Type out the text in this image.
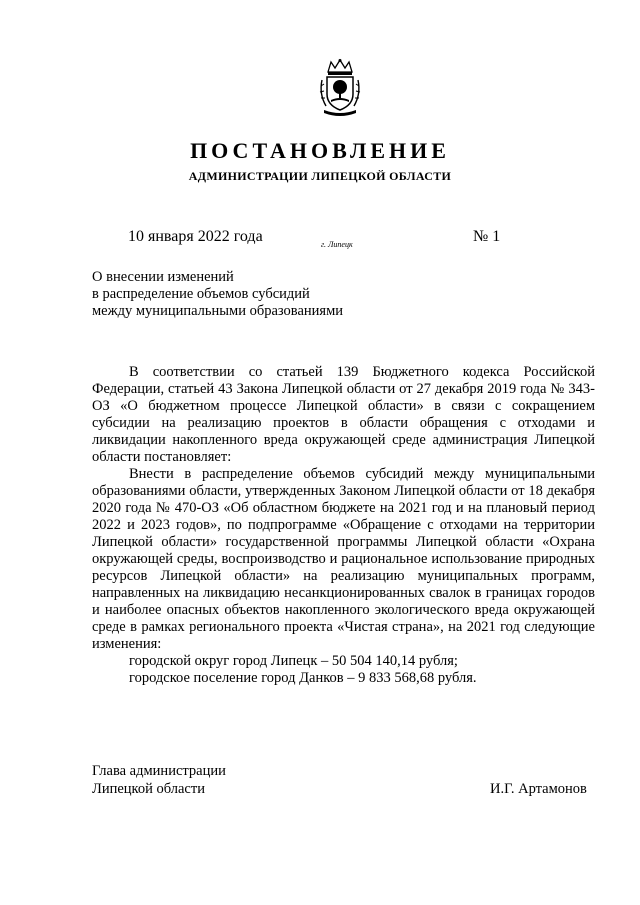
ПОСТАНОВЛЕНИЕ
АДМИНИСТРАЦИИ ЛИПЕЦКОЙ ОБЛАСТИ
10 января 2022 года	г. Липецк	№ 1
О внесении изменений
в распределение объемов субсидий
между муниципальными образованиями

В соответствии со статьей 139 Бюджетного кодекса Российской Федерации, статьей 43 Закона Липецкой области от 27 декабря 2019 года № 343-ОЗ «О бюджетном процессе Липецкой области» в связи с сокращением субсидии на реализацию проектов в области обращения с отходами и ликвидации накопленного вреда окружающей среде администрация Липецкой области постановляет:

Внести в распределение объемов субсидий между муниципальными образованиями области, утвержденных Законом Липецкой области от 18 декабря 2020 года № 470-ОЗ «Об областном бюджете на 2021 год и на плановый период 2022 и 2023 годов», по подпрограмме «Обращение с отходами на территории Липецкой области» государственной программы Липецкой области «Охрана окружающей среды, воспроизводство и рациональное использование природных ресурсов Липецкой области» на реализацию муниципальных программ, направленных на ликвидацию несанкционированных свалок в границах городов и наиболее опасных объектов накопленного экологического вреда окружающей среде в рамках регионального проекта «Чистая страна», на 2021 год следующие изменения:

городской округ город Липецк – 50 504 140,14 рубля;

городское поселение город Данков – 9 833 568,68 рубля.

Глава администрации
Липецкой области	И.Г. Артамонов
